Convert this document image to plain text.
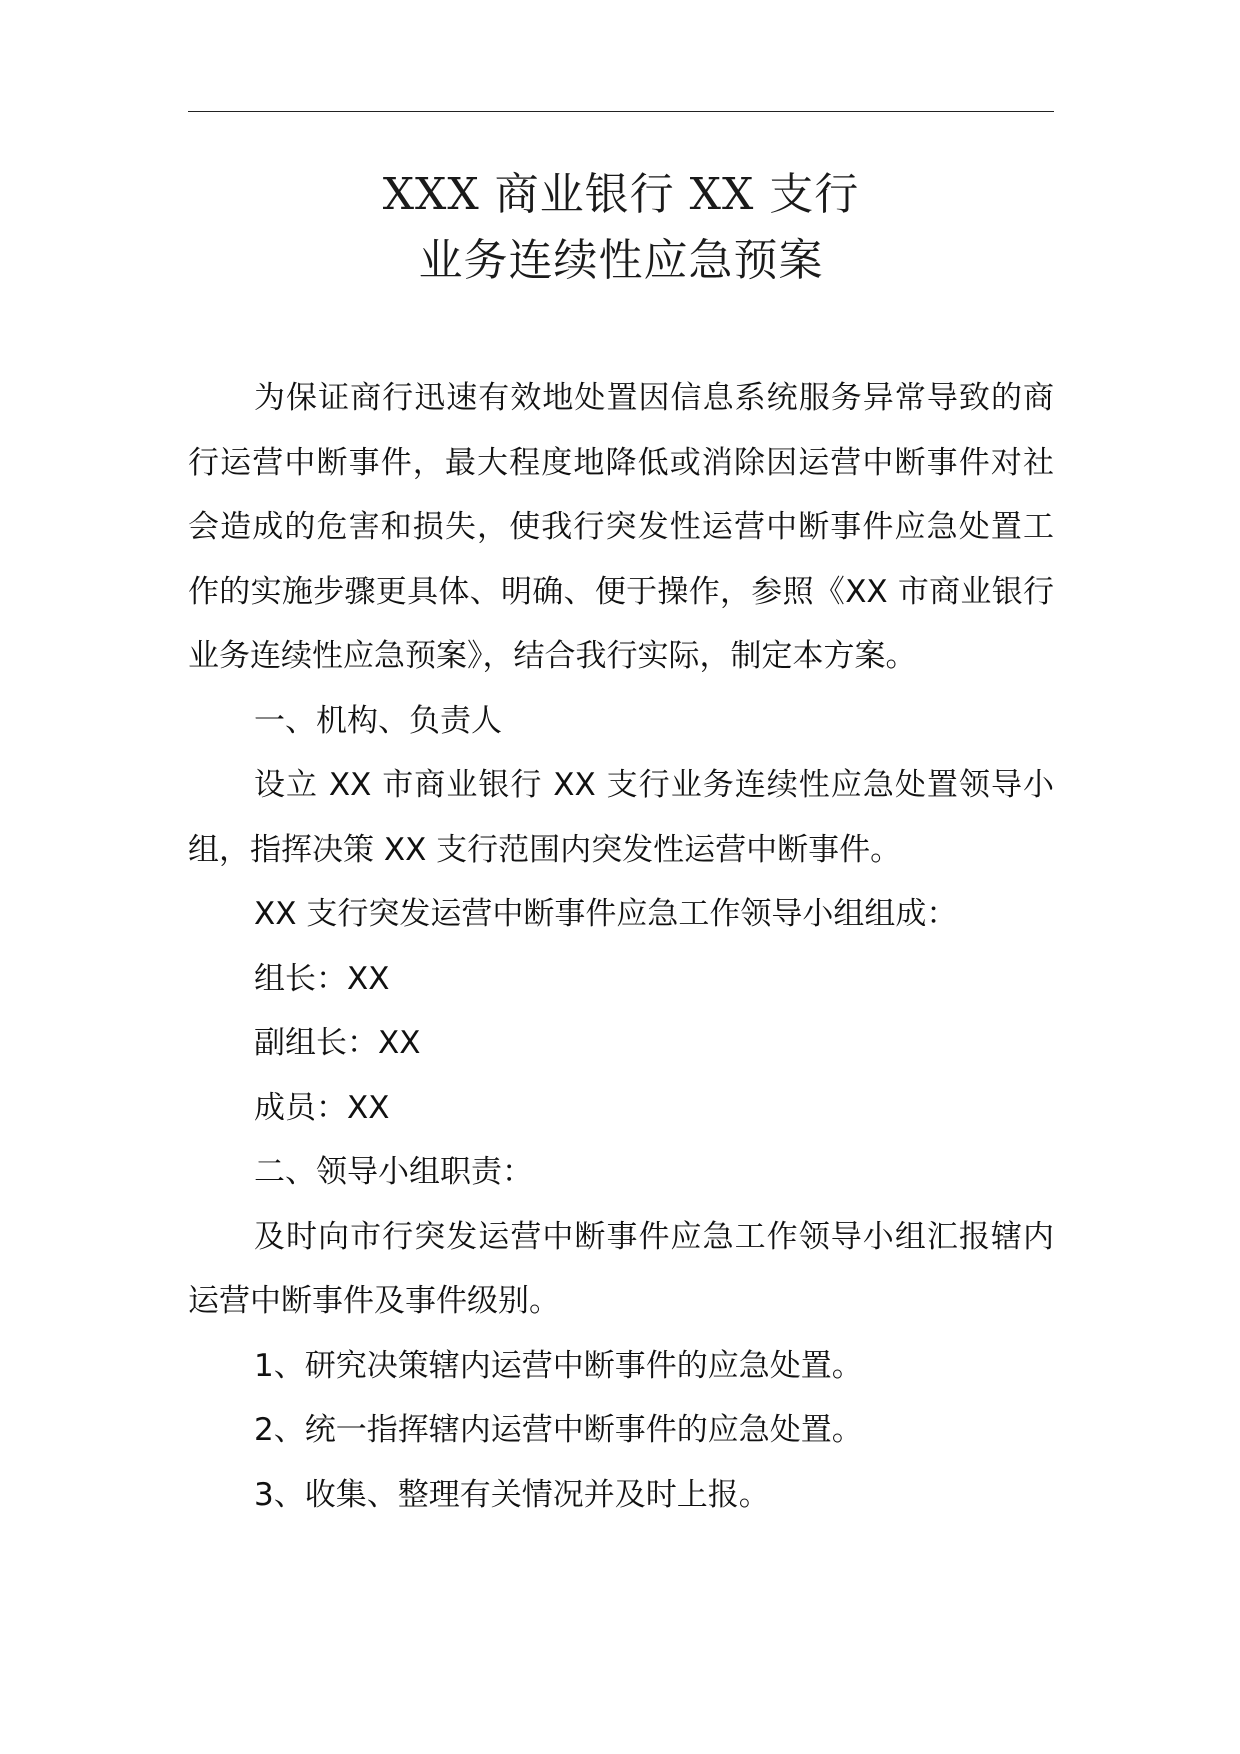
XXX 商业银行 XX 支行
业务连续性应急预案

为保证商行迅速有效地处置因信息系统服务异常导致的商行运营中断事件，最大程度地降低或消除因运营中断事件对社会造成的危害和损失，使我行突发性运营中断事件应急处置工作的实施步骤更具体、明确、便于操作，参照《XX 市商业银行业务连续性应急预案》，结合我行实际，制定本方案。

一、机构、负责人

设立 XX 市商业银行 XX 支行业务连续性应急处置领导小组，指挥决策 XX 支行范围内突发性运营中断事件。

XX 支行突发运营中断事件应急工作领导小组组成：

组长：XX

副组长：XX

成员：XX

二、领导小组职责：

及时向市行突发运营中断事件应急工作领导小组汇报辖内运营中断事件及事件级别。

1、研究决策辖内运营中断事件的应急处置。

2、统一指挥辖内运营中断事件的应急处置。

3、收集、整理有关情况并及时上报。
